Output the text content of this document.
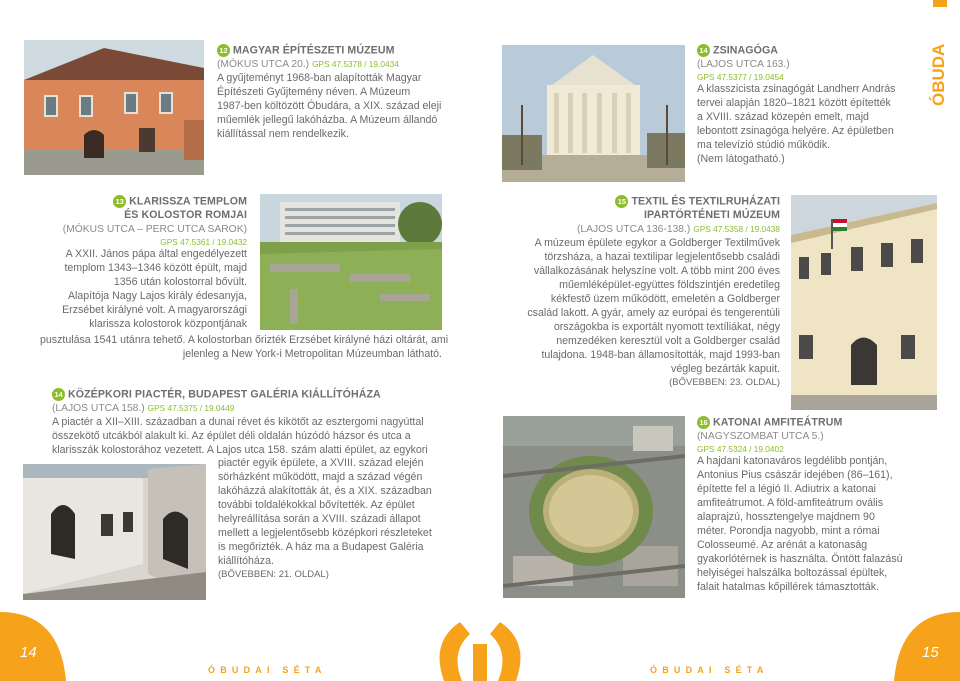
ÓBUDA
12 MAGYAR ÉPÍTÉSZETI MÚZEUM
(MÓKUS UTCA 20.) GPS 47.5378 / 19.0434
A gyűjteményt 1968-ban alapították Magyar
Építészeti Gyűjtemény néven. A Múzeum
1987-ben költözött Óbudára, a XIX. század eleji
műemlék jellegű lakóházba. A Múzeum állandó
kiállítással nem rendelkezik.
14 ZSINAGÓGA
(LAJOS UTCA 163.)
GPS 47.5377 / 19.0454
A klasszicista zsinagógát Landherr András
tervei alapján 1820–1821 között építették
a XVIII. század közepén emelt, majd
lebontott zsinagóga helyére. Az épületben
ma televízió stúdió működik.
(Nem látogatható.)
13 KLARISSZA TEMPLOM
ÉS KOLOSTOR ROMJAI
(MÓKUS UTCA – PERC UTCA SAROK)
GPS 47.5361 / 19.0432
A XXII. János pápa által engedélyezett
templom 1343–1346 között épült, majd
1356 után kolostorral bővült.
Alapítója Nagy Lajos király édesanyja,
Erzsébet királyné volt. A magyarországi
klarissza kolostorok központjának
pusztulása 1541 utánra tehető. A kolostorban őrizték Erzsébet királyné házi oltárát, ami
jelenleg a New York-i Metropolitan Múzeumban látható.
14 KÖZÉPKORI PIACTÉR, BUDAPEST GALÉRIA KIÁLLÍTÓHÁZA
(LAJOS UTCA 158.) GPS 47.5375 / 19.0449
A piactér a XII–XIII. században a dunai révet és kikötőt az esztergomi nagyúttal
összekötő utcákból alakult ki. Az épület déli oldalán húzódó házsor és utca a
klarisszák kolostorához vezetett. A Lajos utca 158. szám alatti épület, az egykori
piactér egyik épülete, a XVIII. század elején
sörházként működött, majd a század végén
lakóházzá alakították át, és a XIX. században
további toldalékokkal bővítették. Az épület
helyreállítása során a XVIII. századi állapot
mellett a legjelentősebb középkori részleteket
is megőrizték. A ház ma a Budapest Galéria
kiállítóháza.
(BŐVEBBEN: 21. OLDAL)
15 TEXTIL ÉS TEXTILRUHÁZATI
IPARTÖRTÉNETI MÚZEUM
(LAJOS UTCA 136-138.) GPS 47.5358 / 19.0438
A múzeum épülete egykor a Goldberger Textilművek
törzsháza, a hazai textilipar legjelentősebb családi
vállalkozásának helyszíne volt. A több mint 200 éves
műemléképület-együttes földszintjén eredetileg
kékfestő üzem működött, emeletén a Goldberger
család lakott. A gyár, amely az európai és tengerentúli
országokba is exportált nyomott textíliákat, négy
nemzedéken keresztül volt a Goldberger család
tulajdona. 1948-ban államosították, majd 1993-ban
végleg bezárták kapuit.
(BŐVEBBEN: 23. OLDAL)
16 KATONAI AMFITEÁTRUM
(NAGYSZOMBAT UTCA 5.)
GPS 47.5324 / 19.0402
A hajdani katonaváros legdélibb pontján,
Antonius Pius császár idejében (86–161),
építette fel a légió II. Adiutrix a katonai
amfiteátrumot. A föld-amfiteátrum ovális
alaprajzú, hossztengelye majdnem 90
méter. Porondja nagyobb, mint a római
Colosseumé. Az arénát a katonaság
gyakorlótérnek is használta. Öntött falazású
helyiségei halszálka boltozással épültek,
falait hatalmas kőpillérek támasztották.
14	15
ÓBUDAI SÉTA	ÓBUDAI SÉTA
